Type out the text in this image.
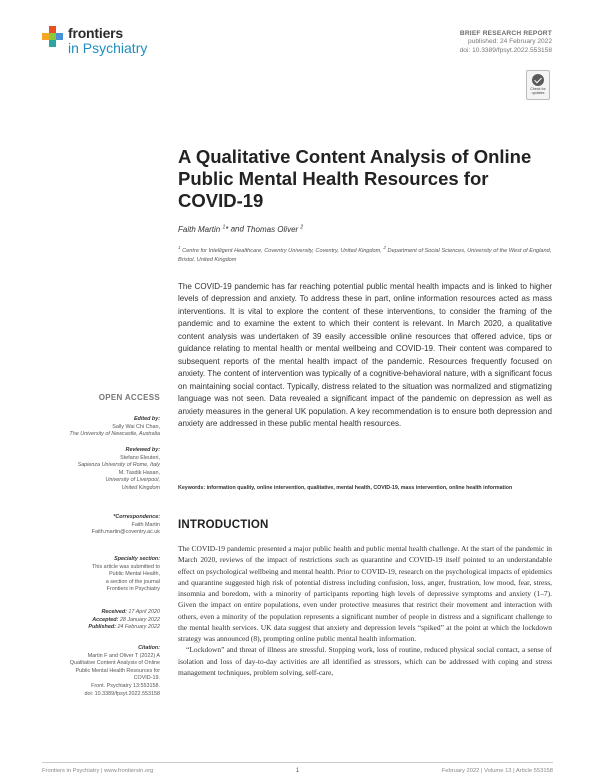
frontiers
in Psychiatry
BRIEF RESEARCH REPORT
published: 24 February 2022
doi: 10.3389/fpsyt.2022.553158
Check for
updates
A Qualitative Content Analysis of Online Public Mental Health Resources for COVID-19
Faith Martin $^1$* and Thomas Oliver $^2$
$^1$ Centre for Intelligent Healthcare, Coventry University, Coventry, United Kingdom, $^2$ Department of Social Sciences, University of the West of England, Bristol, United Kingdom
The COVID-19 pandemic has far reaching potential public mental health impacts and is linked to higher levels of depression and anxiety. To address these in part, online information resources acted as mass interventions. It is vital to explore the content of these interventions, to consider the framing of the pandemic and to examine the extent to which their content is relevant. In March 2020, a qualitative content analysis was undertaken of 39 easily accessible online resources that offered advice, tips or guidance relating to mental health or mental wellbeing and COVID-19. Their content was compared to subsequent reports of the mental health impact of the pandemic. Resources frequently focused on anxiety. The content of intervention was typically of a cognitive-behavioral nature, with a significant focus on maintaining social contact. Typically, distress related to the situation was normalized and stigmatizing language was not seen. Data revealed a significant impact of the pandemic on depression as well as anxiety measures in the general UK population. A key recommendation is to ensure both depression and anxiety are addressed in these public mental health resources.
Keywords: information quality, online intervention, qualitative, mental health, COVID-19, mass intervention, online health information
INTRODUCTION

The COVID-19 pandemic presented a major public health and public mental health challenge. At the start of the pandemic in March 2020, reviews of the impact of restrictions such as quarantine and COVID-19 itself pointed to an understandable effect on psychological wellbeing and mental health. Prior to COVID-19, research on the psychological impacts of epidemics and quarantine suggested high risk of potential distress including confusion, loss, anger, frustration, low mood, fear, stress, insomnia and boredom, with a minority of participants reporting high levels of depressive symptoms and anxiety (1–7). Given the impact on entire populations, even under protective measures that restrict their movement and interaction with others, even a minority of the population represents a significant number of people in distress and a significant challenge to the mental health services. UK data suggest that anxiety and depression levels “spiked” at the point at which the lockdown strategy was announced (8), prompting online public mental health information.

“Lockdown” and threat of illness are stressful. Stopping work, loss of routine, reduced physical social contact, a sense of isolation and loss of day-to-day activities are all identified as stressors, which can be addressed with coping and stress management techniques, problem solving, self-care,

OPEN ACCESS
Edited by:
Sally Wai Chi Chan,
The University of Newcastle, Australia
Reviewed by:
Stefano Eleuteri,
Sapienza University of Rome, Italy
M. Tasdik Hasan,
University of Liverpool,
United Kingdom
*Correspondence:
Faith Martin
Faith.martin@coventry.ac.uk
Specialty section:
This article was submitted to
Public Mental Health,
a section of the journal
Frontiers in Psychiatry
Received: 17 April 2020
Accepted: 28 January 2022
Published: 24 February 2022
Citation:
Martin F and Oliver T (2022) A
Qualitative Content Analysis of Online
Public Mental Health Resources for
COVID-19.
Front. Psychiatry 13:553158.
doi: 10.3389/fpsyt.2022.553158
Frontiers in Psychiatry | www.frontiersin.org	1	February 2022 | Volume 13 | Article 553158
